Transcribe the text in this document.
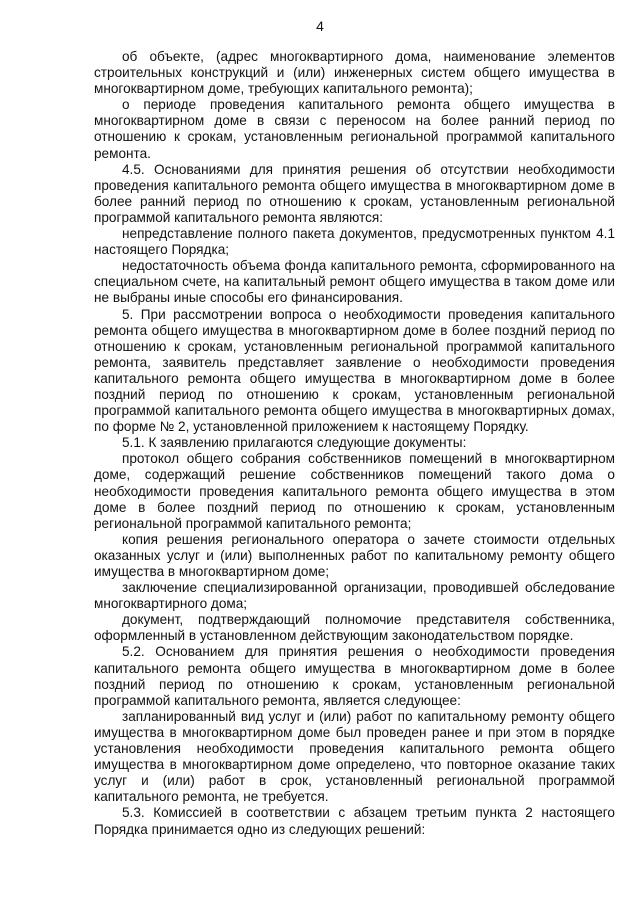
4

об объекте, (адрес многоквартирного дома, наименование элементов строительных конструкций и (или) инженерных систем общего имущества в многоквартирном доме, требующих капитального ремонта);

о периоде проведения капитального ремонта общего имущества в многоквартирном доме в связи с переносом на более ранний период по отношению к срокам, установленным региональной программой капитального ремонта.

4.5. Основаниями для принятия решения об отсутствии необходимости проведения капитального ремонта общего имущества в многоквартирном доме в более ранний период по отношению к срокам, установленным региональной программой капитального ремонта являются:

непредставление полного пакета документов, предусмотренных пунктом 4.1 настоящего Порядка;

недостаточность объема фонда капитального ремонта, сформированного на специальном счете, на капитальный ремонт общего имущества в таком доме или не выбраны иные способы его финансирования.

5. При рассмотрении вопроса о необходимости проведения капитального ремонта общего имущества в многоквартирном доме в более поздний период по отношению к срокам, установленным региональной программой капитального ремонта, заявитель представляет заявление о необходимости проведения капитального ремонта общего имущества в многоквартирном доме в более поздний период по отношению к срокам, установленным региональной программой капитального ремонта общего имущества в многоквартирных домах, по форме № 2, установленной приложением к настоящему Порядку.

5.1. К заявлению прилагаются следующие документы:

протокол общего собрания собственников помещений в многоквартирном доме, содержащий решение собственников помещений такого дома о необходимости проведения капитального ремонта общего имущества в этом доме в более поздний период по отношению к срокам, установленным региональной программой капитального ремонта;

копия решения регионального оператора о зачете стоимости отдельных оказанных услуг и (или) выполненных работ по капитальному ремонту общего имущества в многоквартирном доме;

заключение специализированной организации, проводившей обследование многоквартирного дома;

документ, подтверждающий полномочие представителя собственника, оформленный в установленном действующим законодательством порядке.

5.2. Основанием для принятия решения о необходимости проведения капитального ремонта общего имущества в многоквартирном доме в более поздний период по отношению к срокам, установленным региональной программой капитального ремонта, является следующее:

запланированный вид услуг и (или) работ по капитальному ремонту общего имущества в многоквартирном доме был проведен ранее и при этом в порядке установления необходимости проведения капитального ремонта общего имущества в многоквартирном доме определено, что повторное оказание таких услуг и (или) работ в срок, установленный региональной программой капитального ремонта, не требуется.

5.3. Комиссией в соответствии с абзацем третьим пункта 2 настоящего Порядка принимается одно из следующих решений:
